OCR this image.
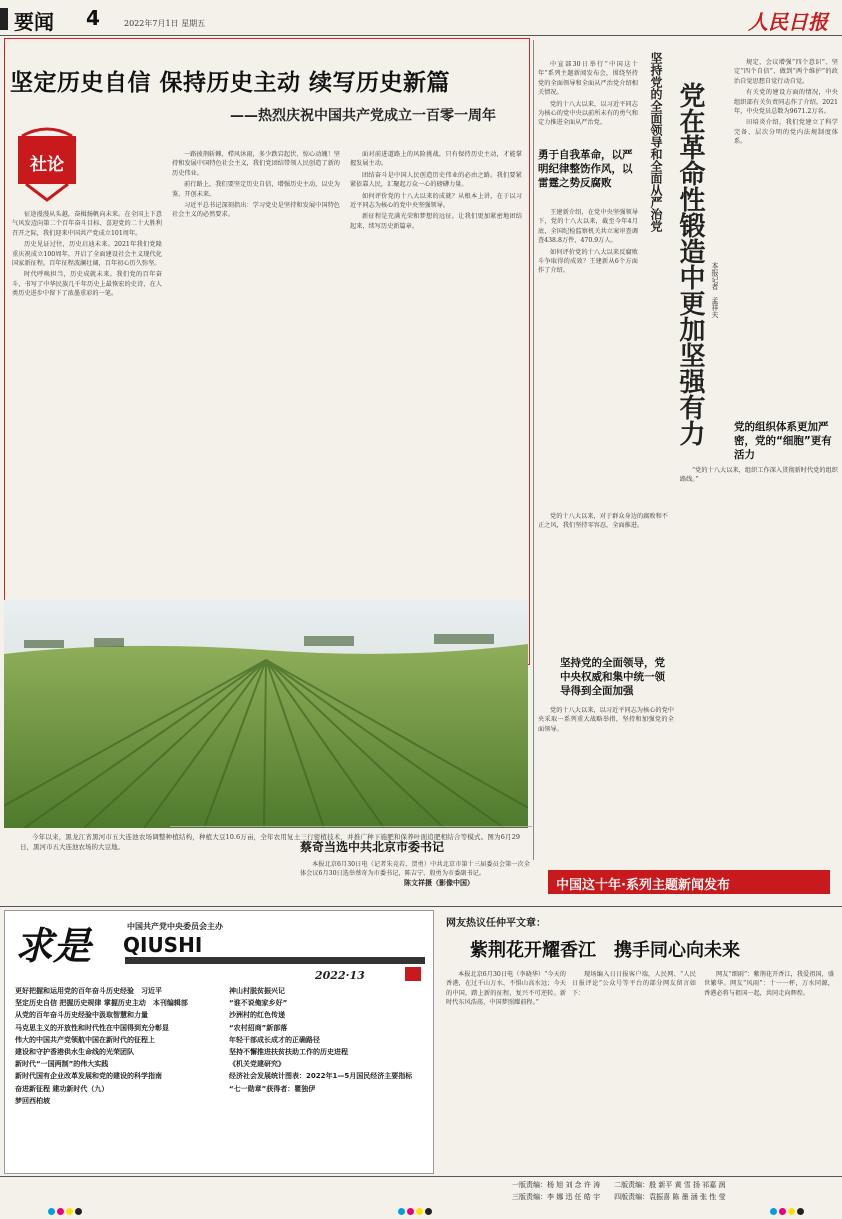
要闻 4	2022年7月1日 星期五	人民日报
坚定历史自信 保持历史主动 续写历史新篇
——热烈庆祝中国共产党成立一百零一周年
社论

征途漫漫从头越，奋楫扬帆向未来。在全国上下意气风发迈向第二个百年奋斗目标、喜迎党的二十大胜利召开之际，我们迎来中国共产党成立101周年。

历史见证过往，历史启迪未来。2021年我们党隆重庆祝成立100周年，开启了全面建设社会主义现代化国家新征程。百年征程波澜壮阔，百年初心历久弥坚。

时代呼唤担当，历史成就未来。我们党的百年奋斗，书写了中华民族几千年历史上最恢宏的史诗，在人类历史进步中留下了浓墨重彩的一笔。

一路披荆斩棘、栉风沐雨，多少跌宕起伏、惊心动魄！坚持和发展中国特色社会主义，我们党团结带领人民创造了新的历史伟业。

前行路上，我们要坚定历史自信，增强历史主动，以史为鉴、开创未来。

习近平总书记深刻指出：学习党史是坚持和发展中国特色社会主义的必然要求。

面对前进道路上的风险挑战，只有保持历史主动，才能掌握发展主动。

团结奋斗是中国人民创造历史伟业的必由之路。我们要紧紧依靠人民，汇聚起万众一心的磅礴力量。

如何评价党的十八大以来的成就？从根本上讲，在于以习近平同志为核心的党中央坚强领导。

新征程是充满光荣和梦想的远征。让我们更加紧密地团结起来，续写历史新篇章。

今年以来，黑龙江省黑河市五大连池农场调整种植结构，种植大豆10.6万亩，全年农用复土三行密植技术，并推广种下施肥和保养叶面追肥相结合等模式。图为6月29日，黑河市五大连池农场的大豆地。

陈文祥摄（影像中国）

中宣部30日举行“中国这十年”系列主题新闻发布会，围绕坚持党的全面领导和全面从严治党介绍相关情况。

党的十八大以来，以习近平同志为核心的党中央以前所未有的勇气和定力推进全面从严治党。	坚持党的全面领导和全面从严治党 党在革命性锻造中更加坚强有力 本报记者　孟祥夫
勇于自我革命，以严明纪律整饬作风，以雷霆之势反腐败

王建新介绍，在党中央坚强领导下，党的十八大以来，截至今年4月底，全国纪检监察机关共立案审查调查438.8万件，470.9万人。

如何评价党的十八大以来反腐败斗争取得的成效？王建新从6个方面作了介绍。

党的十八大以来，对于群众身边的腐败和不正之风，我们坚持零容忍，全面推进。

坚持党的全面领导，党中央权威和集中统一领导得到全面加强

党的十八大以来，以习近平同志为核心的党中央采取一系列重大战略举措，坚持和加强党的全面领导。

规定，会议增强“四个意识”、坚定“四个自信”、做到“两个维护”的政治自觉思想自觉行动自觉。

有关党的建设方面的情况，中央组织部有关负责同志作了介绍。2021年，中央党员总数为9671.2万名。

田培炎介绍，我们党建立了科学完备、层次分明的党内法规制度体系。

党的组织体系更加严密，党的“细胞”更有活力

“党的十八大以来，组织工作深入贯彻新时代党的组织路线。”

蔡奇当选中共北京市委书记

本报北京6月30日电（记者朱竞若、贺勇）中共北京市第十三届委员会第一次全体会议6月30日选举蔡奇为市委书记，陈吉宁、殷勇为市委副书记。

中国这十年·系列主题新闻发布
求是	中国共产党中央委员会主办
QIUSHI
2022·13
更好把握和运用党的百年奋斗历史经验　习近平
坚定历史自信 把握历史规律 掌握历史主动　本刊编辑部
从党的百年奋斗历史经验中汲取智慧和力量
马克思主义的开放性和时代性在中国得到充分彰显
伟大的中国共产党领航中国在新时代的征程上
建设和守护香港供水生命线的光荣团队
新时代“一国两制”的伟大实践
新时代国有企业改革发展和党的建设的科学指南
奋进新征程 建功新时代（九）
梦回西柏坡
神山村脱贫振兴记
“谁不说俺家乡好”
沙洲村的红色传递
“农村招商”新部落
年轻干部成长成才的正确路径
坚持不懈推进扶贫扶助工作的历史进程
《机关党建研究》
经济社会发展统计图表：2022年1—5月国民经济主要指标
“七一勋章”获得者：瞿独伊
网友热议任仲平文章：
紫荆花开耀香江　携手同心向未来

本报北京6月30日电（李晓华）“今天的香港，在过千山万水、不惧山高水远；今天的中国，踏上新的征程，复兴不可逆转。新时代东风浩荡，中国梦照耀前程。”

现场编入日日报客户端，人民网、“人民日报评论”公众号等平台的部分网友留言如下：

网友“细雨”：紫荆花开香江，我爱祖国，盛世繁华。网友“风雨”：十一一杯，万水同源，香港必将与祖国一起，共同走向辉煌。

一版责编：杨 旭 刘 念 许 涛　　二版责编：殷 新平 黄 雪 扬 祁嘉 润
三版责编：李 娜 迅 任 皓 宇　　四版责编：袁振喜 陈 墨 涵 张 性 莹
